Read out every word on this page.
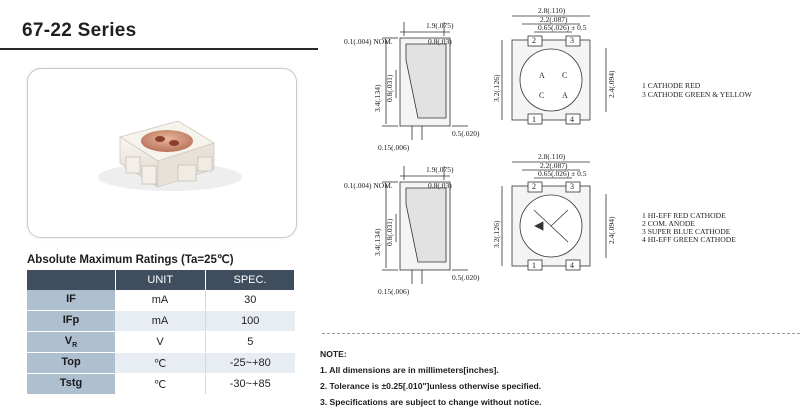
67-22 Series
Absolute Maximum Ratings (Ta=25℃)
	UNIT	SPEC.
IF	mA	30
IFp	mA	100
$V_R$	V	5
Top	℃	-25~+80
Tstg	℃	-30~+85
1.9(.075)
0.1(.004) NOM.	0.8(.03)
3.4(.134) 0.8(.031)
0.5(.020)
0.15(.006)
2.8(.110)
2.2(.087)
0.65(.026) ± 0.5
3.2(.126)	2.4(.094)
2	3
1	4
A C
C A
1 CATHODE RED
3 CATHODE GREEN & YELLOW
1.9(.075)
0.1(.004) NOM.	0.8(.03)
3.4(.134) 0.8(.031)
0.5(.020)
0.15(.006)
2.8(.110)
2.2(.087)
0.65(.026) ± 0.5
3.2(.126)	2.4(.094)
2	3
1	4
1 HI-EFF RED CATHODE
2 COM. ANODE
3 SUPER BLUE CATHODE
4 HI-EFF GREEN CATHODE
NOTE:
1. All dimensions are in millimeters[inches].
2. Tolerance is ±0.25[.010"]unless otherwise specified.
3. Specifications are subject to change without notice.
